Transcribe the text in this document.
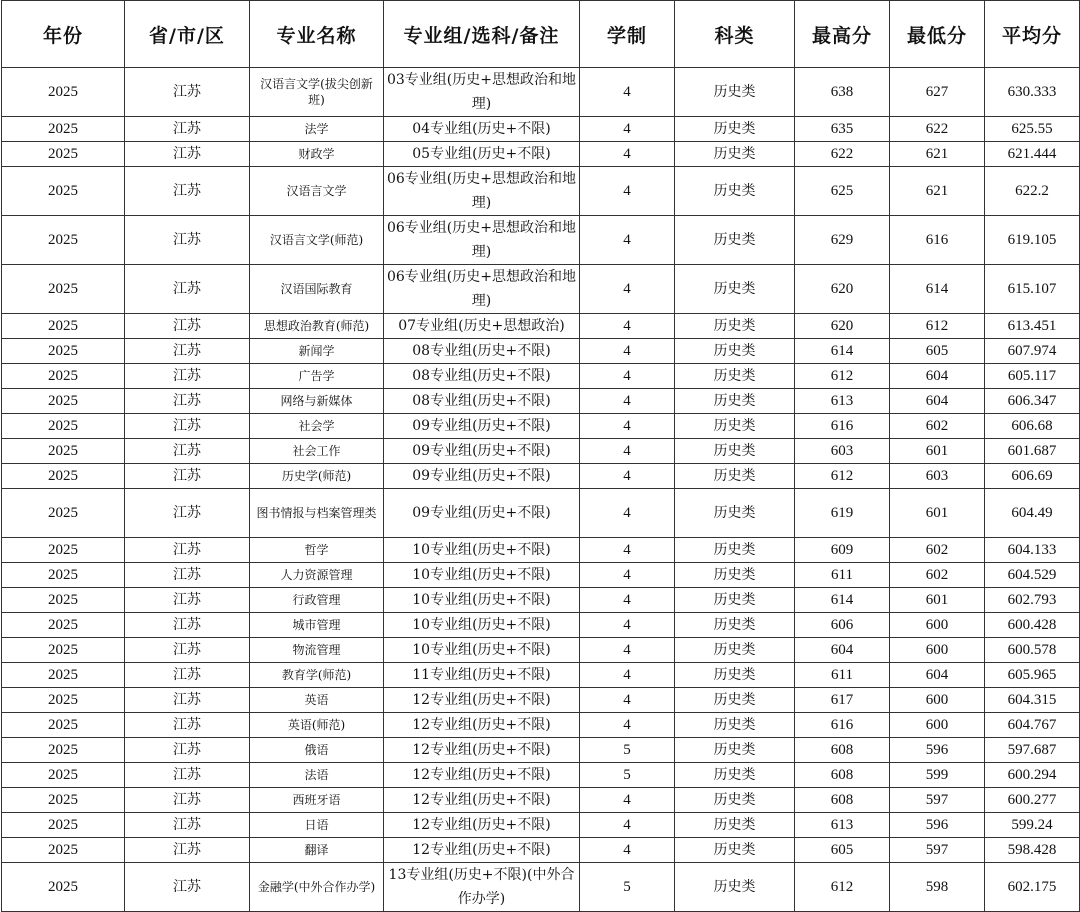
年份	省/市/区	专业名称	专业组/选科/备注	学制	科类	最高分	最低分	平均分
2025	江苏	汉语言文学(拔尖创新班)	03专业组(历史+思想政治和地理)	4	历史类	638	627	630.333
2025	江苏	法学	04专业组(历史+不限)	4	历史类	635	622	625.55
2025	江苏	财政学	05专业组(历史+不限)	4	历史类	622	621	621.444
2025	江苏	汉语言文学	06专业组(历史+思想政治和地理)	4	历史类	625	621	622.2
2025	江苏	汉语言文学(师范)	06专业组(历史+思想政治和地理)	4	历史类	629	616	619.105
2025	江苏	汉语国际教育	06专业组(历史+思想政治和地理)	4	历史类	620	614	615.107
2025	江苏	思想政治教育(师范)	07专业组(历史+思想政治)	4	历史类	620	612	613.451
2025	江苏	新闻学	08专业组(历史+不限)	4	历史类	614	605	607.974
2025	江苏	广告学	08专业组(历史+不限)	4	历史类	612	604	605.117
2025	江苏	网络与新媒体	08专业组(历史+不限)	4	历史类	613	604	606.347
2025	江苏	社会学	09专业组(历史+不限)	4	历史类	616	602	606.68
2025	江苏	社会工作	09专业组(历史+不限)	4	历史类	603	601	601.687
2025	江苏	历史学(师范)	09专业组(历史+不限)	4	历史类	612	603	606.69
2025	江苏	图书情报与档案管理类	09专业组(历史+不限)	4	历史类	619	601	604.49
2025	江苏	哲学	10专业组(历史+不限)	4	历史类	609	602	604.133
2025	江苏	人力资源管理	10专业组(历史+不限)	4	历史类	611	602	604.529
2025	江苏	行政管理	10专业组(历史+不限)	4	历史类	614	601	602.793
2025	江苏	城市管理	10专业组(历史+不限)	4	历史类	606	600	600.428
2025	江苏	物流管理	10专业组(历史+不限)	4	历史类	604	600	600.578
2025	江苏	教育学(师范)	11专业组(历史+不限)	4	历史类	611	604	605.965
2025	江苏	英语	12专业组(历史+不限)	4	历史类	617	600	604.315
2025	江苏	英语(师范)	12专业组(历史+不限)	4	历史类	616	600	604.767
2025	江苏	俄语	12专业组(历史+不限)	5	历史类	608	596	597.687
2025	江苏	法语	12专业组(历史+不限)	5	历史类	608	599	600.294
2025	江苏	西班牙语	12专业组(历史+不限)	4	历史类	608	597	600.277
2025	江苏	日语	12专业组(历史+不限)	4	历史类	613	596	599.24
2025	江苏	翻译	12专业组(历史+不限)	4	历史类	605	597	598.428
2025	江苏	金融学(中外合作办学)	13专业组(历史+不限)(中外合作办学)	5	历史类	612	598	602.175
